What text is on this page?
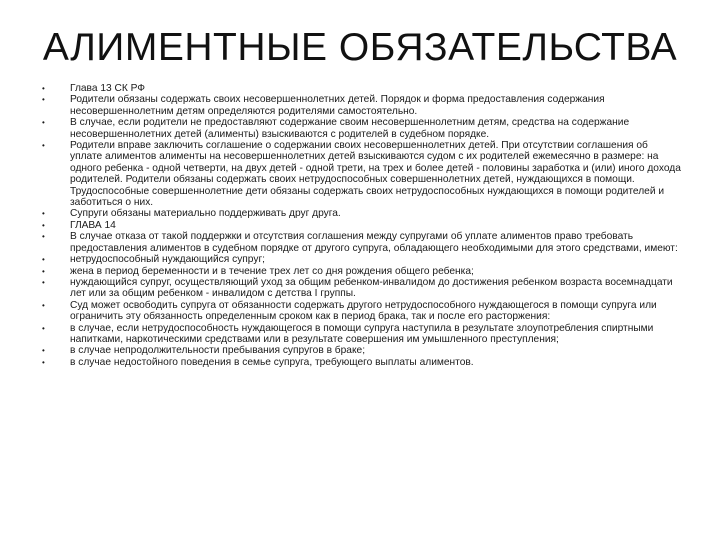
АЛИМЕНТНЫЕ ОБЯЗАТЕЛЬСТВА
• Глава 13 СК РФ
• Родители обязаны содержать своих несовершеннолетних детей. Порядок и форма предоставления содержания несовершеннолетним детям определяются родителями самостоятельно.
• В случае, если родители не предоставляют содержание своим несовершеннолетним детям, средства на содержание несовершеннолетних детей (алименты) взыскиваются с родителей в судебном порядке.
• Родители вправе заключить соглашение о содержании своих несовершеннолетних детей. При отсутствии соглашения об уплате алиментов алименты на несовершеннолетних детей взыскиваются судом с их родителей ежемесячно в размере: на одного ребенка - одной четверти, на двух детей - одной трети, на трех и более детей - половины заработка и (или) иного дохода родителей. Родители обязаны содержать своих нетрудоспособных совершеннолетних детей, нуждающихся в помощи. Трудоспособные совершеннолетние дети обязаны содержать своих нетрудоспособных нуждающихся в помощи родителей и заботиться о них.
• Супруги обязаны материально поддерживать друг друга.
• ГЛАВА 14
• В случае отказа от такой поддержки и отсутствия соглашения между супругами об уплате алиментов право требовать предоставления алиментов в судебном порядке от другого супруга, обладающего необходимыми для этого средствами, имеют:
• нетрудоспособный нуждающийся супруг;
• жена в период беременности и в течение трех лет со дня рождения общего ребенка;
• нуждающийся супруг, осуществляющий уход за общим ребенком-инвалидом до достижения ребенком возраста восемнадцати лет или за общим ребенком - инвалидом с детства I группы.
• Суд может освободить супруга от обязанности содержать другого нетрудоспособного нуждающегося в помощи супруга или ограничить эту обязанность определенным сроком как в период брака, так и после его расторжения:
• в случае, если нетрудоспособность нуждающегося в помощи супруга наступила в результате злоупотребления спиртными напитками, наркотическими средствами или в результате совершения им умышленного преступления;
• в случае непродолжительности пребывания супругов в браке;
• в случае недостойного поведения в семье супруга, требующего выплаты алиментов.
